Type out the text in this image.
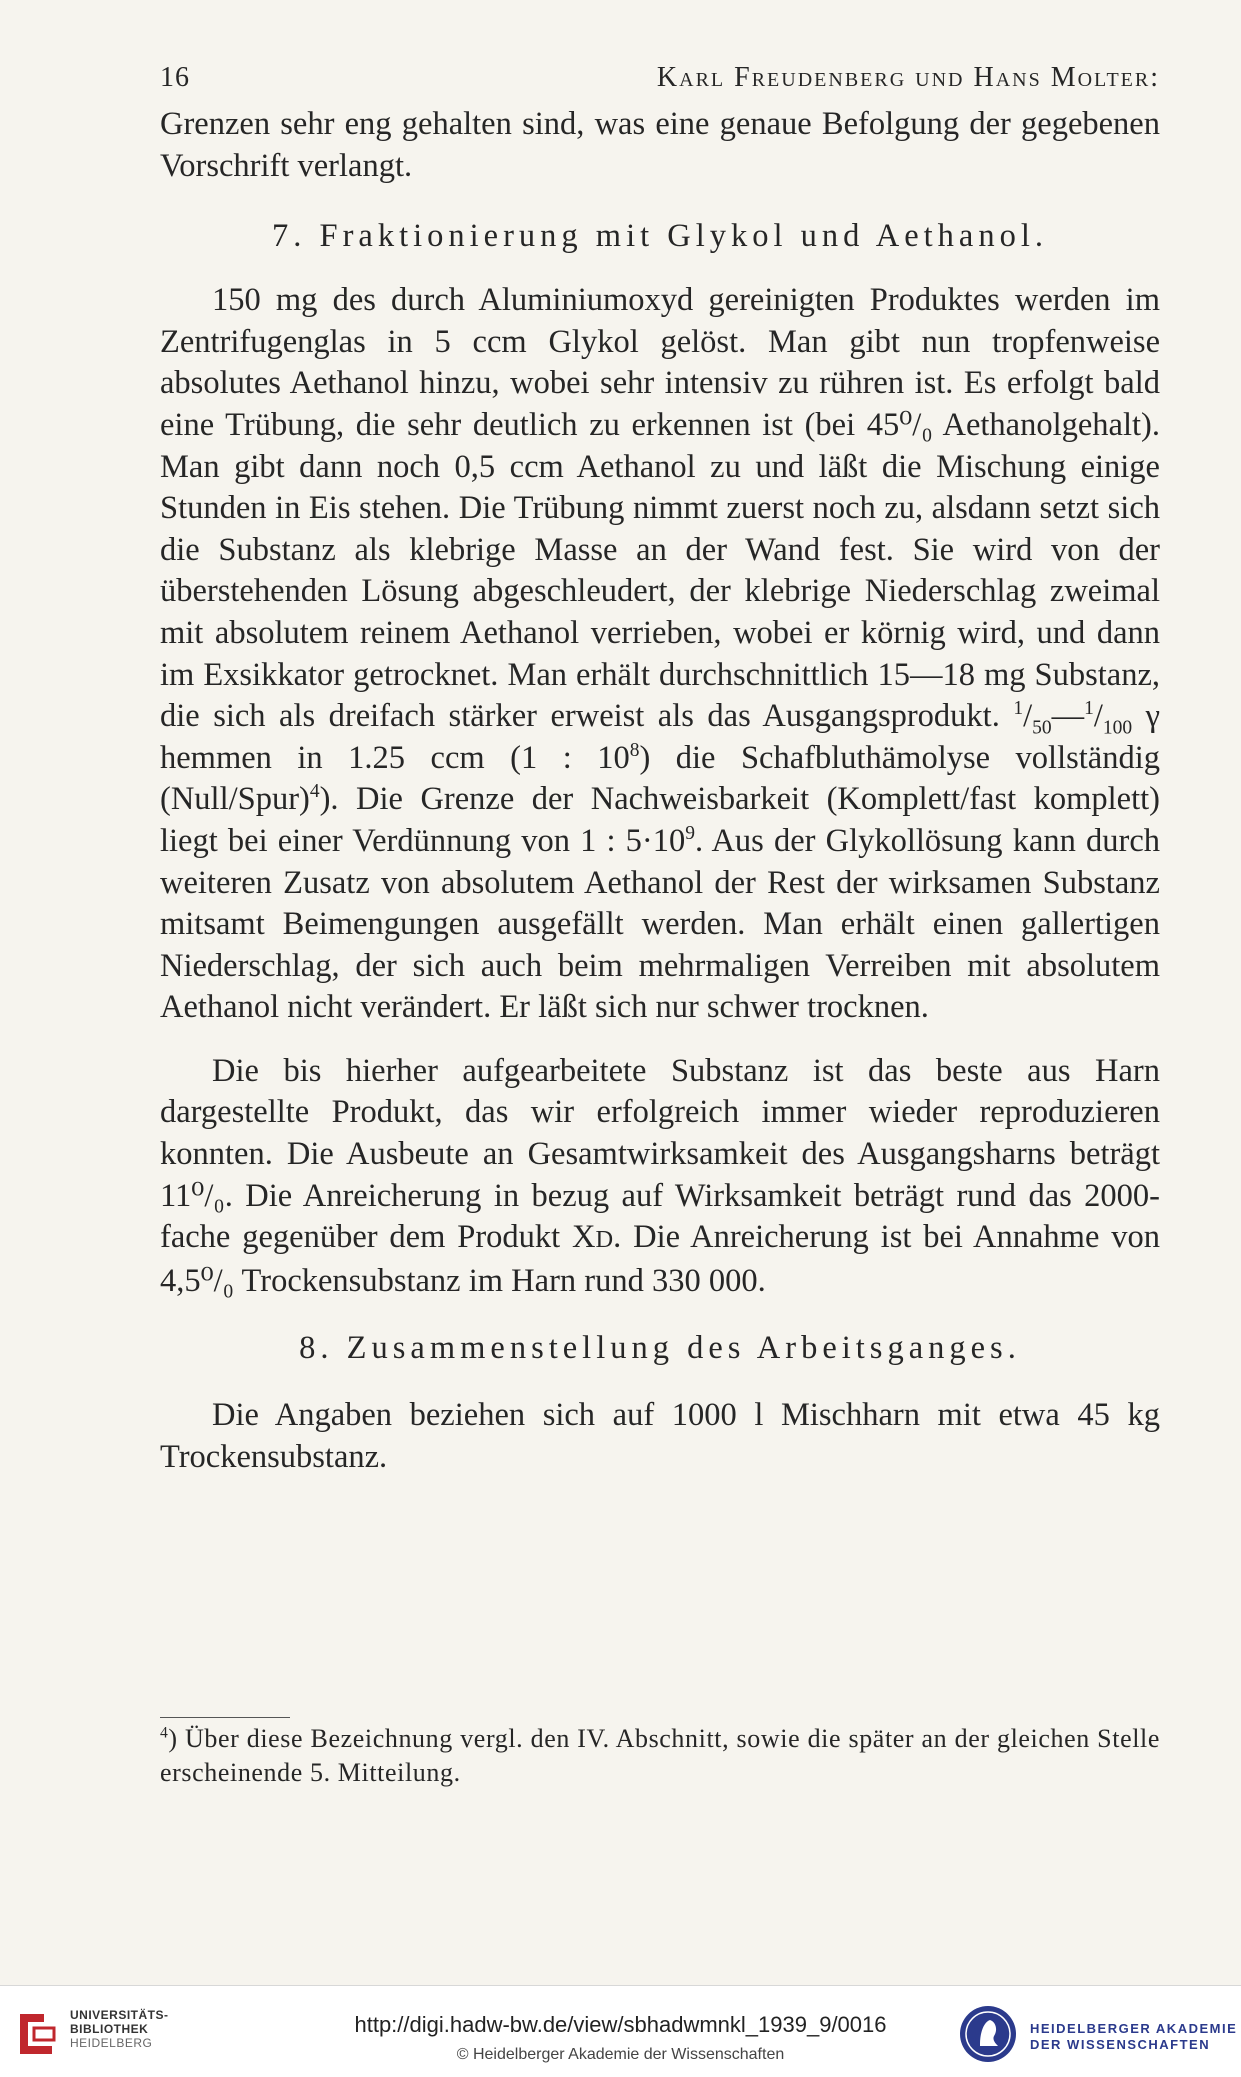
16	Karl Freudenberg und Hans Molter:

Grenzen sehr eng gehalten sind, was eine genaue Befolgung der gegebenen Vorschrift verlangt.

7. Fraktionierung mit Glykol und Aethanol.

150 mg des durch Aluminiumoxyd gereinigten Produktes werden im Zentrifugenglas in 5 ccm Glykol gelöst. Man gibt nun tropfenweise absolutes Aethanol hinzu, wobei sehr intensiv zu rühren ist. Es erfolgt bald eine Trübung, die sehr deutlich zu erkennen ist (bei 45⁰/₀ Aethanolgehalt). Man gibt dann noch 0,5 ccm Aethanol zu und läßt die Mischung einige Stunden in Eis stehen. Die Trübung nimmt zuerst noch zu, alsdann setzt sich die Substanz als klebrige Masse an der Wand fest. Sie wird von der überstehenden Lösung abgeschleudert, der klebrige Niederschlag zweimal mit absolutem reinem Aethanol verrieben, wobei er körnig wird, und dann im Exsikkator getrocknet. Man erhält durchschnittlich 15—18 mg Substanz, die sich als dreifach stärker erweist als das Ausgangsprodukt. $^1/_{50}—^1/_{100}$ γ hemmen in 1.25 ccm (1 : $10^8$) die Schafbluthämolyse vollständig (Null/Spur)$^4$). Die Grenze der Nachweisbarkeit (Komplett/fast komplett) liegt bei einer Verdünnung von 1 : $5\cdot 10^9$. Aus der Glykollösung kann durch weiteren Zusatz von absolutem Aethanol der Rest der wirksamen Substanz mitsamt Beimengungen ausgefällt werden. Man erhält einen gallertigen Niederschlag, der sich auch beim mehrmaligen Verreiben mit absolutem Aethanol nicht verändert. Er läßt sich nur schwer trocknen.

Die bis hierher aufgearbeitete Substanz ist das beste aus Harn dargestellte Produkt, das wir erfolgreich immer wieder reproduzieren konnten. Die Ausbeute an Gesamtwirksamkeit des Ausgangsharns beträgt 11⁰/₀. Die Anreicherung in bezug auf Wirksamkeit beträgt rund das 2000-fache gegenüber dem Produkt XD. Die Anreicherung ist bei Annahme von 4,5⁰/₀ Trockensubstanz im Harn rund 330 000.

8. Zusammenstellung des Arbeitsganges.

Die Angaben beziehen sich auf 1000 l Mischharn mit etwa 45 kg Trockensubstanz.

$^4$) Über diese Bezeichnung vergl. den IV. Abschnitt, sowie die später an der gleichen Stelle erscheinende 5. Mitteilung.
UNIVERSITÄTS-
BIBLIOTHEK
HEIDELBERG
http://digi.hadw-bw.de/view/sbhadwmnkl_1939_9/0016
© Heidelberger Akademie der Wissenschaften
HEIDELBERGER AKADEMIE
DER WISSENSCHAFTEN
